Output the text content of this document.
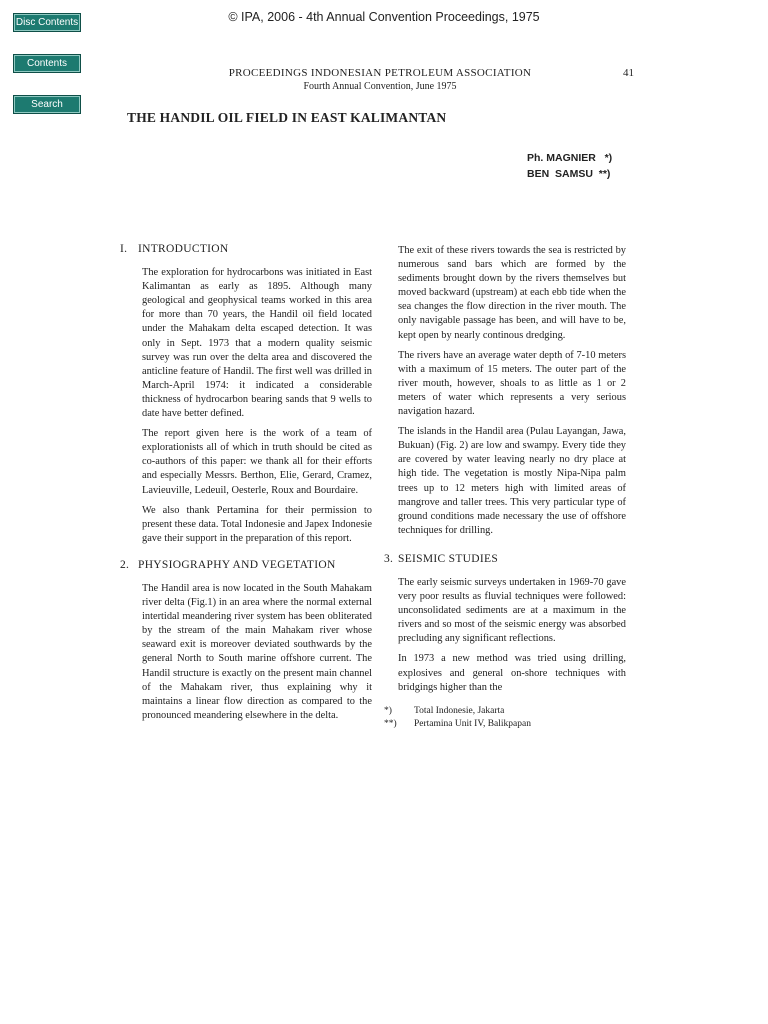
Disc Contents
Contents
Search
© IPA, 2006 - 4th Annual Convention Proceedings, 1975
PROCEEDINGS INDONESIAN PETROLEUM ASSOCIATION
Fourth Annual Convention, June 1975
41
THE HANDIL OIL FIELD IN EAST KALIMANTAN
Ph. MAGNIER   *)
BEN  SAMSU  **)
I. INTRODUCTION

The exploration for hydrocarbons was initiated in East Kalimantan as early as 1895. Although many geological and geophysical teams worked in this area for more than 70 years, the Handil oil field located under the Mahakam delta escaped detection. It was only in Sept. 1973 that a modern quality seismic survey was run over the delta area and discovered the anticline feature of Handil. The first well was drilled in March-April 1974: it indicated a considerable thickness of hydrocarbon bearing sands that 9 wells to date have better defined.

The report given here is the work of a team of explorationists all of which in truth should be cited as co-authors of this paper: we thank all for their efforts and especially Messrs. Berthon, Elie, Gerard, Cramez, Lavieuville, Ledeuil, Oesterle, Roux and Bourdaire.

We also thank Pertamina for their permission to present these data. Total Indonesie and Japex Indonesie gave their support in the preparation of this report.

2. PHYSIOGRAPHY AND VEGETATION

The Handil area is now located in the South Mahakam river delta (Fig.1) in an area where the normal external intertidal meandering river system has been obliterated by the stream of the main Mahakam river whose seaward exit is moreover deviated southwards by the general North to South marine offshore current. The Handil structure is exactly on the present main channel of the Mahakam river, thus explaining why it maintains a linear flow direction as compared to the pronounced meandering elsewhere in the delta.

The exit of these rivers towards the sea is restricted by numerous sand bars which are formed by the sediments brought down by the rivers themselves but moved backward (upstream) at each ebb tide when the sea changes the flow direction in the river mouth. The only navigable passage has been, and will have to be, kept open by nearly continous dredging.

The rivers have an average water depth of 7-10 meters with a maximum of 15 meters. The outer part of the river mouth, however, shoals to as little as 1 or 2 meters of water which represents a very serious navigation hazard.

The islands in the Handil area (Pulau Layangan, Jawa, Bukuan) (Fig. 2) are low and swampy. Every tide they are covered by water leaving nearly no dry place at high tide. The vegetation is mostly Nipa-Nipa palm trees up to 12 meters high with limited areas of mangrove and taller trees. This very particular type of ground conditions made necessary the use of offshore techniques for drilling.

3. SEISMIC STUDIES

The early seismic surveys undertaken in 1969-70 gave very poor results as fluvial techniques were followed: unconsolidated sediments are at a maximum in the rivers and so most of the seismic energy was absorbed precluding any significant reflections.

In 1973 a new method was tried using drilling, explosives and general on-shore techniques with bridgings higher than the

*)	Total Indonesie, Jakarta
**)	Pertamina Unit IV, Balikpapan
